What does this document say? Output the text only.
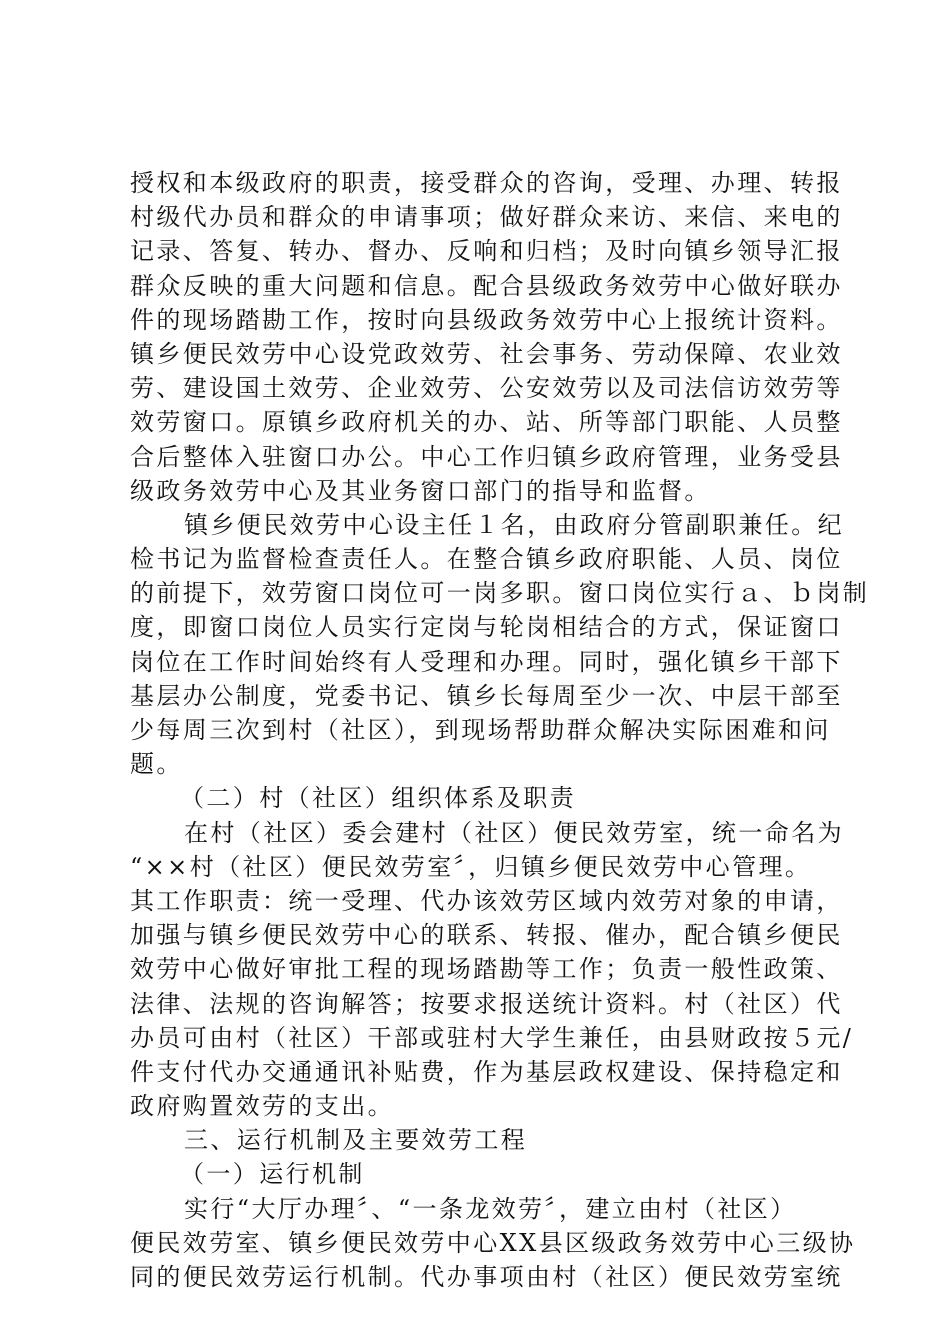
授权和本级政府的职责，接受群众的咨询，受理、办理、转报
村级代办员和群众的申请事项；做好群众来访、来信、来电的
记录、答复、转办、督办、反响和归档；及时向镇乡领导汇报
群众反映的重大问题和信息。配合县级政务效劳中心做好联办
件的现场踏勘工作，按时向县级政务效劳中心上报统计资料。
镇乡便民效劳中心设党政效劳、社会事务、劳动保障、农业效
劳、建设国土效劳、企业效劳、公安效劳以及司法信访效劳等
效劳窗口。原镇乡政府机关的办、站、所等部门职能、人员整
合后整体入驻窗口办公。中心工作归镇乡政府管理，业务受县
级政务效劳中心及其业务窗口部门的指导和监督。
镇乡便民效劳中心设主任１名，由政府分管副职兼任。纪
检书记为监督检查责任人。在整合镇乡政府职能、人员、岗位
的前提下，效劳窗口岗位可一岗多职。窗口岗位实行ａ、ｂ岗制
度，即窗口岗位人员实行定岗与轮岗相结合的方式，保证窗口
岗位在工作时间始终有人受理和办理。同时，强化镇乡干部下
基层办公制度，党委书记、镇乡长每周至少一次、中层干部至
少每周三次到村（社区），到现场帮助群众解决实际困难和问
题。
（二）村（社区）组织体系及职责
在村（社区）委会建村（社区）便民效劳室，统一命名为
“××村（社区）便民效劳室〞，归镇乡便民效劳中心管理。
其工作职责：统一受理、代办该效劳区域内效劳对象的申请，
加强与镇乡便民效劳中心的联系、转报、催办，配合镇乡便民
效劳中心做好审批工程的现场踏勘等工作；负责一般性政策、
法律、法规的咨询解答；按要求报送统计资料。村（社区）代
办员可由村（社区）干部或驻村大学生兼任，由县财政按５元/
件支付代办交通通讯补贴费，作为基层政权建设、保持稳定和
政府购置效劳的支出。
三、运行机制及主要效劳工程
（一）运行机制
实行“大厅办理〞、“一条龙效劳〞，建立由村（社区）
便民效劳室、镇乡便民效劳中心XX县区级政务效劳中心三级协
同的便民效劳运行机制。代办事项由村（社区）便民效劳室统
